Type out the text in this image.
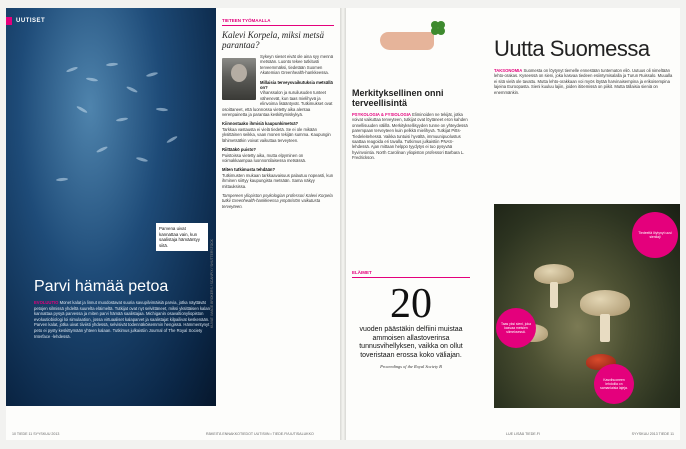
UUTISET
Parvena uivat kannattaa vain, kun saalistaja hämääntyy siitä.
Parvi hämää petoa
EVOLUUTIO Monet kalat ja linnut muodostavat suuria savupilvimäisiä parvia, jotka näyttävät petojen silmissä yhdeltä suurelta eläimeltä. Tutkijat ovat nyt selvittäneet, miksi yksittäisen kalan kannattaa pysyä parvessa ja miten parvi hämää saalistajaa. Michiganin osavaltionyliopiston evoluutiobiologi loi simulaation, jossa virtuaaliset kalaparvet ja saalistajat kilpailivat keskenään. Parven kalat, jotka uivat tiiviisti yhdessä, selvisivät todennäköisemmin hengissä. Hämmentynyt peto ei pysty keskittymään yhteen kalaan. Tutkimus julkaistiin Journal of The Royal Society Interface -lehdessä.
TIETEEN TYÖMAALLA
Kalevi Korpela, miksi metsä parantaa?
Sykeyn sieset eivät ole aina syy mennä metsään. Luonto tekee tutkitusti terveemmäksi, tiedetään Suomen Akatemian Greenhealth-hankkeessa.
Millaisia terveysvaikutuksia metsällä on?
Vihanssalon ja suruilusuden tunteet vähenevät, kun taas mielihyvä ja elinvoima lisääntyvät. Tutkimukset ovat osoittaneet, että luonnossa vietetty aika alentaa verenpainetta ja parantaa keskittymiskykyä.
Kiinnostaako ihmisiä kaupunkimetsä?
Tarkkaa vastausta ei vielä tiedetä. Se ei ole mikään yksittäinen seikka, vaan monen tekijän summa. Kaupungin lähimetsätkin voivat vaikuttaa terveyteen.
Riittääkö puisto?
Puistoissa vietetty aika, mutta elpyminen on voimakkaampaa luonnontilaisessa metsässä.
Miten tutkimusta tehdään?
Tutkimusten mukaan tarkkaavaisuus palautuu nopeasti, kun ihminen siirtyy kaupungista metsään. Sama näkyy mittauksissa.
Tampereen yliopiston psykologian professori Kalevi Korpela tutkii Greenhealth-hankkeessa ympäristön vaikutusta terveyteen.
KUVAT: IMAGE BROKERS / SCANPIX / SHUTTERSTOCK
10 TIEDE 11 SYYSKUU 2013	RÄKEITÄ ENNAKKOTIEDOT UUTISIIN • TIEDE.FI/UUTISALUKKO
Merkityksellinen onni terveellisintä
PSYKOLOGIA & FYSIOLOGIA Eliminoiden ne tekijät, jotka voivat vaikuttaa terveyteen, tutkijat ovat löytäneet eron kahden onnellisuuden välillä. Merkityksellisyyden tunne on yhteydessä parempaan terveyteen kuin pelkkä mielihyvä. Tutkijat Pitts-Tiedeleitehessä. Vaikka tuntuisi hyvältä, immuunipuolustus saattaa reagoida eri tavalla. Tutkimus julkaistiin PNAS-lehdessä. Ajan mittaan helppo tyydytys ei tuo pysyvää hyvinvointia. North Carolinan yliopiston professori Barbara L. Fredrickson.
ELÄIMET
20
vuoden päästäkin delfiini muistaa ammoisen allastoverinsa tunnusvihellyksen, vaikka on ollut toveristaan erossa koko väliajan.
Proceedings of the Royal Society B
Uutta Suomessa
TAKSONOMIA Suomesta on löytynyt tiemelle ennestään tuntematon eliö. Uutuus oli nimeltään lehto-orakas. Kyseessä on sieni, joka kasvaa tiedeen esiintymisalalla ja Turun Ruissalo. Muualla ei sitä vielä ole tavattu. Mutta lehto-orakkaan voi myös löytää harvinaisempina ja erikoisempina lajeina Euroopasta. Sieni kuuluu lajiin, joiden itiöemissä on piikit. Mutta tällaisia sieniä on enemmänkin.
Tiedeeltä löytynyt uusi sienilaji
Taas yksi sieni, joka kasvaa metsien siimeksessä.
Kasvihuoneen lehdoilla on samanlaisia lajeja.
LUE LISÄÄ TIEDE.FI	SYYSKUU 2013 TIEDE 11
